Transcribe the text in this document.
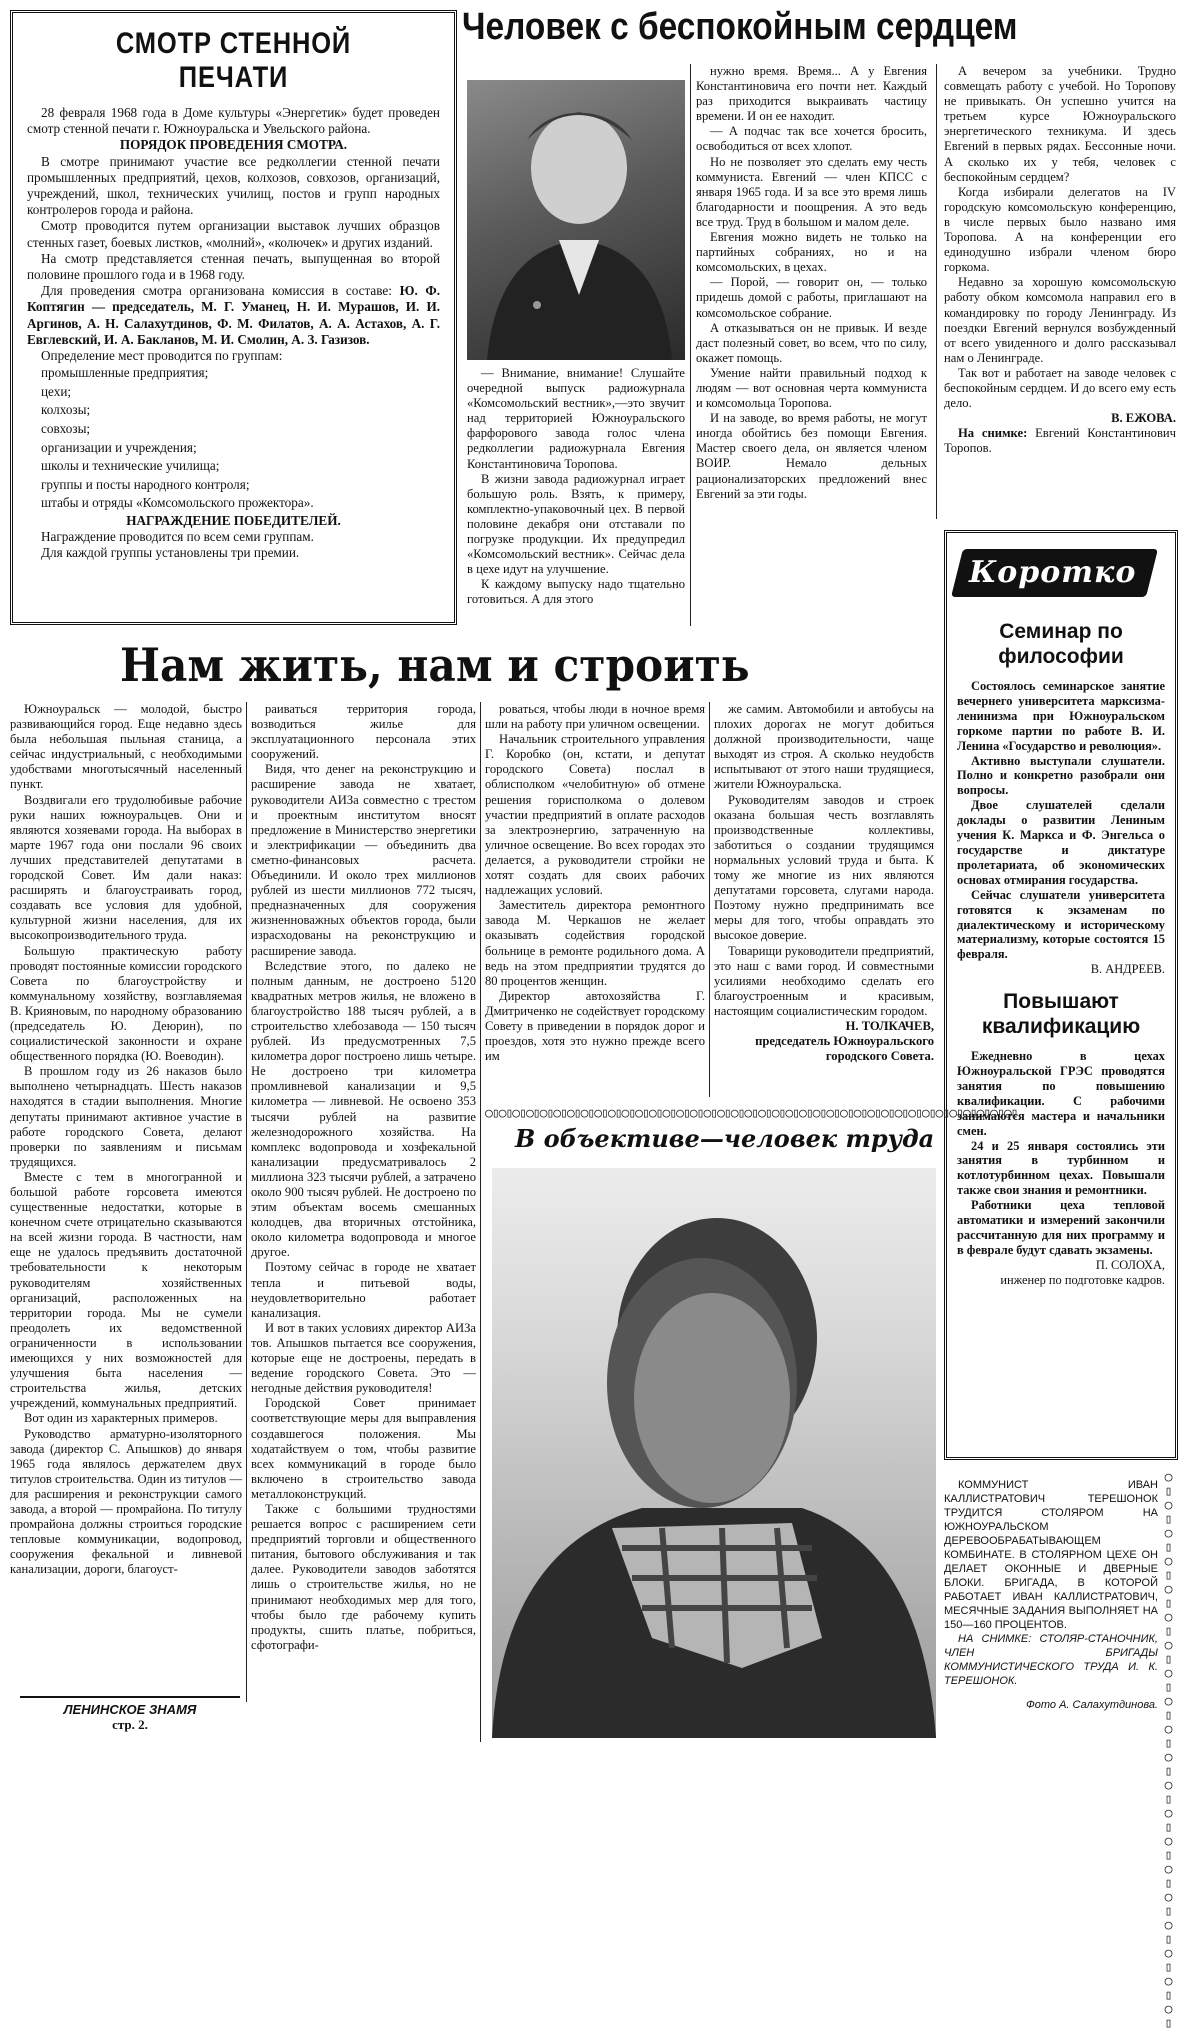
СМОТР СТЕННОЙ ПЕЧАТИ

28 февраля 1968 года в Доме культуры «Энергетик» будет проведен смотр стенной печати г. Южноуральска и Увельского района.

ПОРЯДОК ПРОВЕДЕНИЯ СМОТРА.

В смотре принимают участие все редколлегии стенной печати промышленных предприятий, цехов, колхозов, совхозов, организаций, учреждений, школ, технических училищ, постов и групп народных контролеров города и района.

Смотр проводится путем организации выставок лучших образцов стенных газет, боевых листков, «молний», «колючек» и других изданий.

На смотр представляется стенная печать, выпущенная во второй половине прошлого года и в 1968 году.

Для проведения смотра организована комиссия в составе: Ю. Ф. Коптягин — председатель, М. Г. Уманец, Н. И. Мурашов, И. И. Аргинов, А. Н. Салахутдинов, Ф. М. Филатов, А. А. Астахов, А. Г. Евглевский, И. А. Бакланов, М. И. Смолин, А. З. Газизов.

Определение мест проводится по группам:

промышленные предприятия;
цехи;
колхозы;
совхозы;
организации и учреждения;
школы и технические училища;
группы и посты народного контроля;
штабы и отряды «Комсомольского прожектора».

НАГРАЖДЕНИЕ ПОБЕДИТЕЛЕЙ.

Награждение проводится по всем семи группам.

Для каждой группы установлены три премии.

Человек с беспокойным сердцем

— Внимание, внимание! Слушайте очередной выпуск радиожурнала «Комсомольский вестник»,—это звучит над территорией Южноуральского фарфорового завода голос члена редколлегии радиожурнала Евгения Константиновича Торопова.

В жизни завода радиожурнал играет большую роль. Взять, к примеру, комплектно-упаковочный цех. В первой половине декабря они отставали по погрузке продукции. Их предупредил «Комсомольский вестник». Сейчас дела в цехе идут на улучшение.

К каждому выпуску надо тщательно готовиться. А для этого

нужно время. Время... А у Евгения Константиновича его почти нет. Каждый раз приходится выкраивать частицу времени. И он ее находит.

— А подчас так все хочется бросить, освободиться от всех хлопот.

Но не позволяет это сделать ему честь коммуниста. Евгений — член КПСС с января 1965 года. И за все это время лишь благодарности и поощрения. А это ведь все труд. Труд в большом и малом деле.

Евгения можно видеть не только на партийных собраниях, но и на комсомольских, в цехах.

— Порой, — говорит он, — только придешь домой с работы, приглашают на комсомольское собрание.

А отказываться он не привык. И везде даст полезный совет, во всем, что по силу, окажет помощь.

Умение найти правильный подход к людям — вот основная черта коммуниста и комсомольца Торопова.

И на заводе, во время работы, не могут иногда обойтись без помощи Евгения. Мастер своего дела, он является членом ВОИР. Немало дельных рационализаторских предложений внес Евгений за эти годы.

А вечером за учебники. Трудно совмещать работу с учебой. Но Торопову не привыкать. Он успешно учится на третьем курсе Южноуральского энергетического техникума. И здесь Евгений в первых рядах. Бессонные ночи. А сколько их у тебя, человек с беспокойным сердцем?

Когда избирали делегатов на IV городскую комсомольскую конференцию, в числе первых было названо имя Торопова. А на конференции его единодушно избрали членом бюро горкома.

Недавно за хорошую комсомольскую работу обком комсомола направил его в командировку по городу Ленинграду. Из поездки Евгений вернулся возбужденный от всего увиденного и долго рассказывал нам о Ленинграде.

Так вот и работает на заводе человек с беспокойным сердцем. И до всего ему есть дело.

В. ЕЖОВА.

На снимке: Евгений Константинович Торопов.

Коротко
Семинар по философии

Состоялось семинарское занятие вечернего университета марксизма-ленинизма при Южноуральском горкоме партии по работе В. И. Ленина «Государство и революция».

Активно выступали слушатели. Полно и конкретно разобрали они вопросы.

Двое слушателей сделали доклады о развитии Лениным учения К. Маркса и Ф. Энгельса о государстве и диктатуре пролетариата, об экономических основах отмирания государства.

Сейчас слушатели университета готовятся к экзаменам по диалектическому и историческому материализму, которые состоятся 15 февраля.

В. АНДРЕЕВ.

Повышают квалификацию

Ежедневно в цехах Южноуральской ГРЭС проводятся занятия по повышению квалификации. С рабочими занимаются мастера и начальники смен.

24 и 25 января состоялись эти занятия в турбинном и котлотурбинном цехах. Повышали также свои знания и ремонтники.

Работники цеха тепловой автоматики и измерений закончили рассчитанную для них программу и в феврале будут сдавать экзамены.

П. СОЛОХА,

инженер по подготовке кадров.

КОММУНИСТ ИВАН КАЛЛИСТРАТОВИЧ ТЕРЕШОНОК ТРУДИТСЯ СТОЛЯРОМ НА ЮЖНОУРАЛЬСКОМ ДЕРЕВООБРАБАТЫВАЮЩЕМ КОМБИНАТЕ. В СТОЛЯРНОМ ЦЕХЕ ОН ДЕЛАЕТ ОКОННЫЕ И ДВЕРНЫЕ БЛОКИ. БРИГАДА, В КОТОРОЙ РАБОТАЕТ ИВАН КАЛЛИСТРАТОВИЧ, МЕСЯЧНЫЕ ЗАДАНИЯ ВЫПОЛНЯЕТ НА 150—160 ПРОЦЕНТОВ.

НА СНИМКЕ: СТОЛЯР-СТАНОЧНИК, ЧЛЕН БРИГАДЫ КОММУНИСТИЧЕСКОГО ТРУДА И. К. ТЕРЕШОНОК.

Фото А. Салахутдинова. ○▯○▯○▯○▯○▯○▯○▯○▯○▯○▯○▯○▯○▯○▯○▯○▯○▯○▯○▯○▯
Нам жить, нам и строить

Южноуральск — молодой, быстро развивающийся город. Еще недавно здесь была небольшая пыльная станица, а сейчас индустриальный, с необходимыми удобствами многотысячный населенный пункт.

Воздвигали его трудолюбивые рабочие руки наших южноуральцев. Они и являются хозяевами города. На выборах в марте 1967 года они послали 96 своих лучших представителей депутатами в городской Совет. Им дали наказ: расширять и благоустраивать город, создавать все условия для удобной, культурной жизни населения, для их высокопроизводительного труда.

Большую практическую работу проводят постоянные комиссии городского Совета по благоустройству и коммунальному хозяйству, возглавляемая В. Крияновым, по народному образованию (председатель Ю. Деюрин), по социалистической законности и охране общественного порядка (Ю. Воеводин).

В прошлом году из 26 наказов было выполнено четырнадцать. Шесть наказов находятся в стадии выполнения. Многие депутаты принимают активное участие в работе городского Совета, делают проверки по заявлениям и письмам трудящихся.

Вместе с тем в многогранной и большой работе горсовета имеются существенные недостатки, которые в конечном счете отрицательно сказываются на всей жизни города. В частности, нам еще не удалось предъявить достаточной требовательности к некоторым руководителям хозяйственных организаций, расположенных на территории города. Мы не сумели преодолеть их ведомственной ограниченности в использовании имеющихся у них возможностей для улучшения быта населения — строительства жилья, детских учреждений, коммунальных предприятий.

Вот один из характерных примеров.

Руководство арматурно-изоляторного завода (директор С. Апышков) до января 1965 года являлось держателем двух титулов строительства. Один из титулов — для расширения и реконструкции самого завода, а второй — промрайона. По титулу промрайона должны строиться городские тепловые коммуникации, водопровод, сооружения фекальной и ливневой канализации, дороги, благоуст-

раиваться территория города, возводиться жилье для эксплуатационного персонала этих сооружений.

Видя, что денег на реконструкцию и расширение завода не хватает, руководители АИЗа совместно с трестом и проектным институтом вносят предложение в Министерство энергетики и электрификации — объединить два сметно-финансовых расчета. Объединили. И около трех миллионов рублей из шести миллионов 772 тысяч, предназначенных для сооружения жизненноважных объектов города, были израсходованы на реконструкцию и расширение завода.

Вследствие этого, по далеко не полным данным, не достроено 5120 квадратных метров жилья, не вложено в благоустройство 188 тысяч рублей, а в строительство хлебозавода — 150 тысяч рублей. Из предусмотренных 7,5 километра дорог построено лишь четыре. Не достроено три километра промливневой канализации и 9,5 километра — ливневой. Не освоено 353 тысячи рублей на развитие железнодорожного хозяйства. На комплекс водопровода и хозфекальной канализации предусматривалось 2 миллиона 323 тысячи рублей, а затрачено около 900 тысяч рублей. Не достроено по этим объектам восемь смешанных колодцев, два вторичных отстойника, около километра водопровода и многое другое.

Поэтому сейчас в городе не хватает тепла и питьевой воды, неудовлетворительно работает канализация.

И вот в таких условиях директор АИЗа тов. Апышков пытается все сооружения, которые еще не достроены, передать в ведение городского Совета. Это — негодные действия руководителя!

Городской Совет принимает соответствующие меры для выправления создавшегося положения. Мы ходатайствуем о том, чтобы развитие всех коммуникаций в городе было включено в строительство завода металлоконструкций.

Также с большими трудностями решается вопрос с расширением сети предприятий торговли и общественного питания, бытового обслуживания и так далее. Руководители заводов заботятся лишь о строительстве жилья, но не принимают необходимых мер для того, чтобы было где рабочему купить продукты, сшить платье, побриться, сфотографи-

роваться, чтобы люди в ночное время шли на работу при уличном освещении.

Начальник строительного управления Г. Коробко (он, кстати, и депутат городского Совета) послал в облисполком «челобитную» об отмене решения горисполкома о долевом участии предприятий в оплате расходов за электроэнергию, затраченную на уличное освещение. Во всех городах это делается, а руководители стройки не хотят создать для своих рабочих надлежащих условий.

Заместитель директора ремонтного завода М. Черкашов не желает оказывать содействия городской больнице в ремонте родильного дома. А ведь на этом предприятии трудятся до 80 процентов женщин.

Директор автохозяйства Г. Дмитриченко не содействует городскому Совету в приведении в порядок дорог и проездов, хотя это нужно прежде всего им

же самим. Автомобили и автобусы на плохих дорогах не могут добиться должной производительности, чаще выходят из строя. А сколько неудобств испытывают от этого наши трудящиеся, жители Южноуральска.

Руководителям заводов и строек оказана большая честь возглавлять производственные коллективы, заботиться о создании трудящимся нормальных условий труда и быта. К тому же многие из них являются депутатами горсовета, слугами народа. Поэтому нужно предпринимать все меры для того, чтобы оправдать это высокое доверие.

Товарищи руководители предприятий, это наш с вами город. И совместными усилиями необходимо сделать его благоустроенным и красивым, настоящим социалистическим городом.

Н. ТОЛКАЧЕВ,

председатель Южноуральского городского Совета.

○▯○▯○▯○▯○▯○▯○▯○▯○▯○▯○▯○▯○▯○▯○▯○▯○▯○▯○▯○▯○▯○▯○▯○▯○▯○▯○▯○▯○▯○▯○▯○▯○▯○▯○▯○▯○▯○▯○▯
В объективе—человек труда
ЛЕНИНСКОЕ ЗНАМЯ
стр. 2.
